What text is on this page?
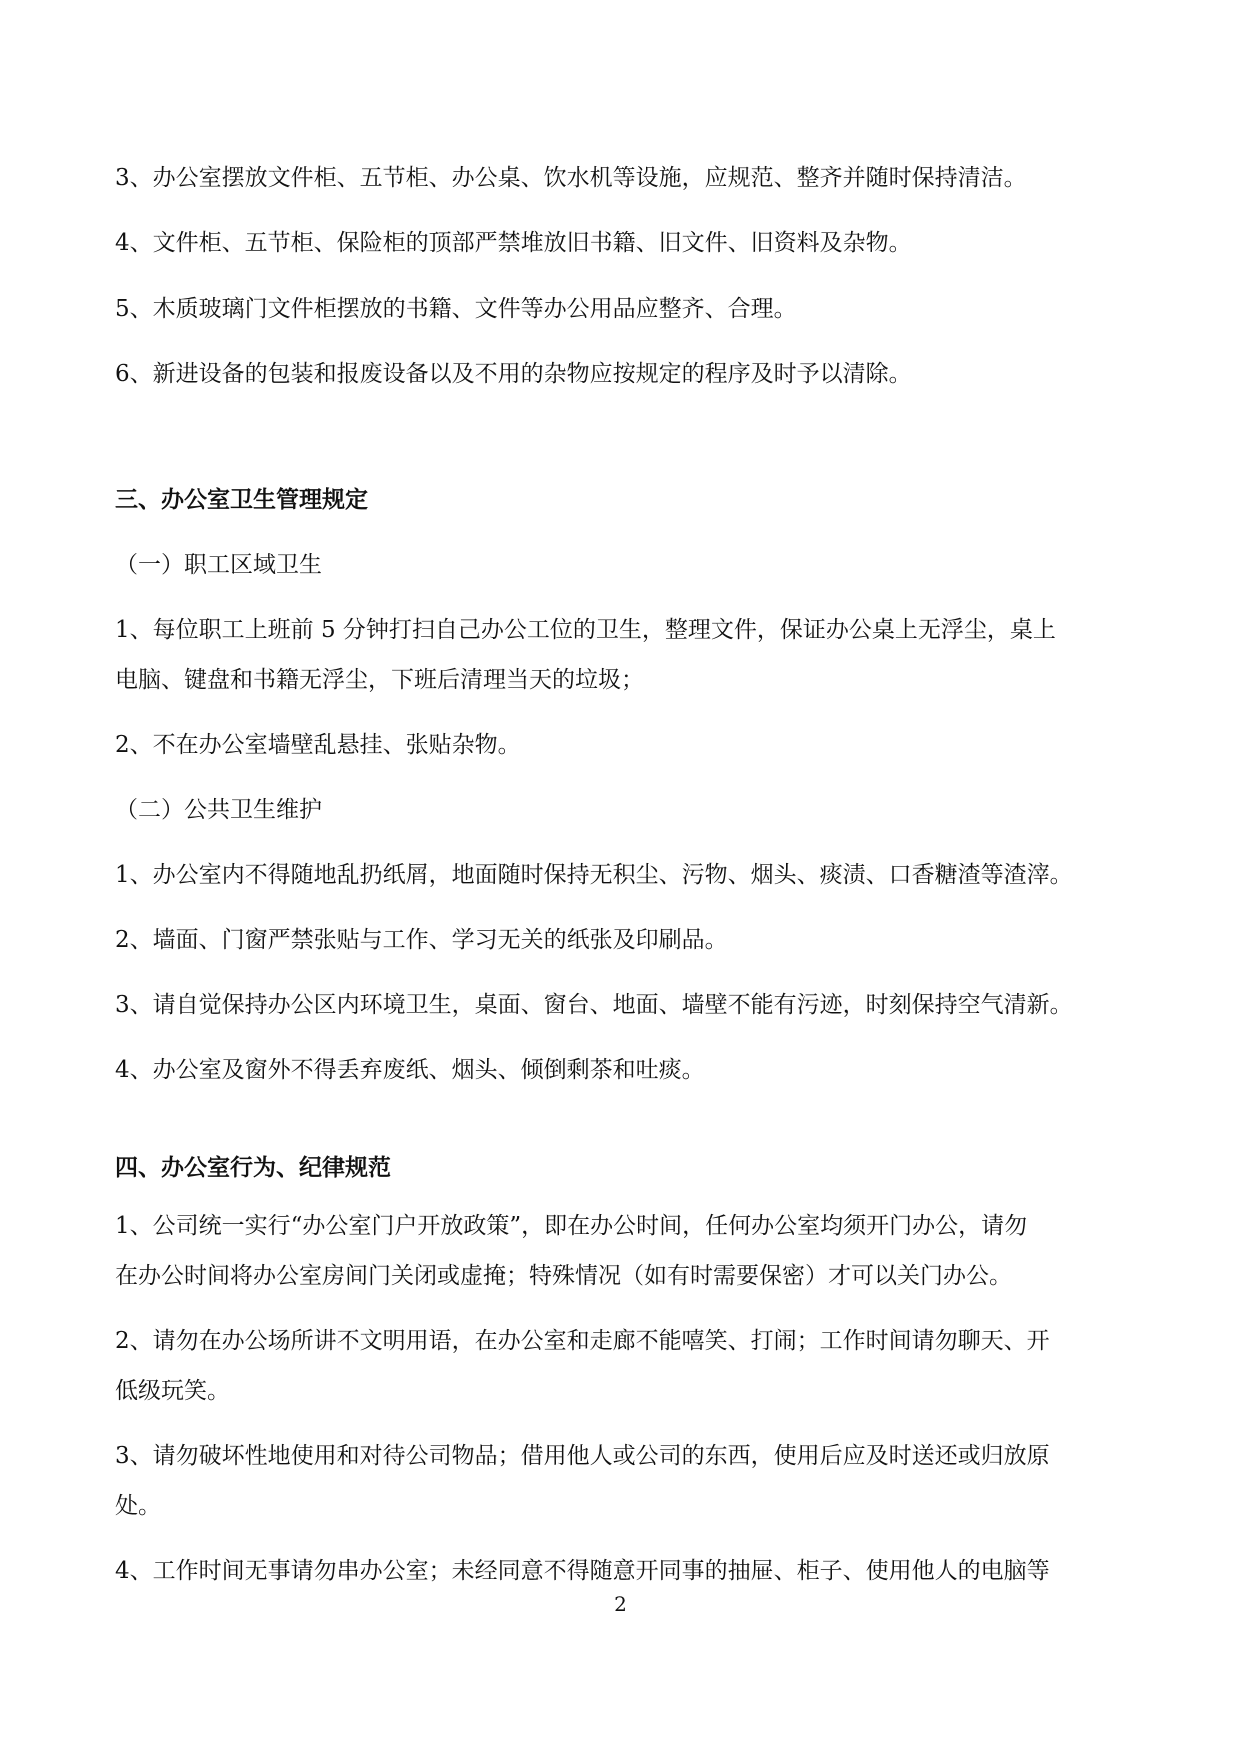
3、办公室摆放文件柜、五节柜、办公桌、饮水机等设施，应规范、整齐并随时保持清洁。
4、文件柜、五节柜、保险柜的顶部严禁堆放旧书籍、旧文件、旧资料及杂物。
5、木质玻璃门文件柜摆放的书籍、文件等办公用品应整齐、合理。
6、新进设备的包装和报废设备以及不用的杂物应按规定的程序及时予以清除。
三、办公室卫生管理规定
（一）职工区域卫生
1、每位职工上班前 5 分钟打扫自己办公工位的卫生，整理文件，保证办公桌上无浮尘，桌上
电脑、键盘和书籍无浮尘，下班后清理当天的垃圾；
2、不在办公室墙壁乱悬挂、张贴杂物。
（二）公共卫生维护
1、办公室内不得随地乱扔纸屑，地面随时保持无积尘、污物、烟头、痰渍、口香糖渣等渣滓。
2、墙面、门窗严禁张贴与工作、学习无关的纸张及印刷品。
3、请自觉保持办公区内环境卫生，桌面、窗台、地面、墙壁不能有污迹，时刻保持空气清新。
4、办公室及窗外不得丢弃废纸、烟头、倾倒剩茶和吐痰。
四、办公室行为、纪律规范
1、公司统一实行“办公室门户开放政策”，即在办公时间，任何办公室均须开门办公，请勿
在办公时间将办公室房间门关闭或虚掩；特殊情况（如有时需要保密）才可以关门办公。
2、请勿在办公场所讲不文明用语，在办公室和走廊不能嘻笑、打闹；工作时间请勿聊天、开
低级玩笑。
3、请勿破坏性地使用和对待公司物品；借用他人或公司的东西，使用后应及时送还或归放原
处。
4、工作时间无事请勿串办公室；未经同意不得随意开同事的抽屉、柜子、使用他人的电脑等
2
